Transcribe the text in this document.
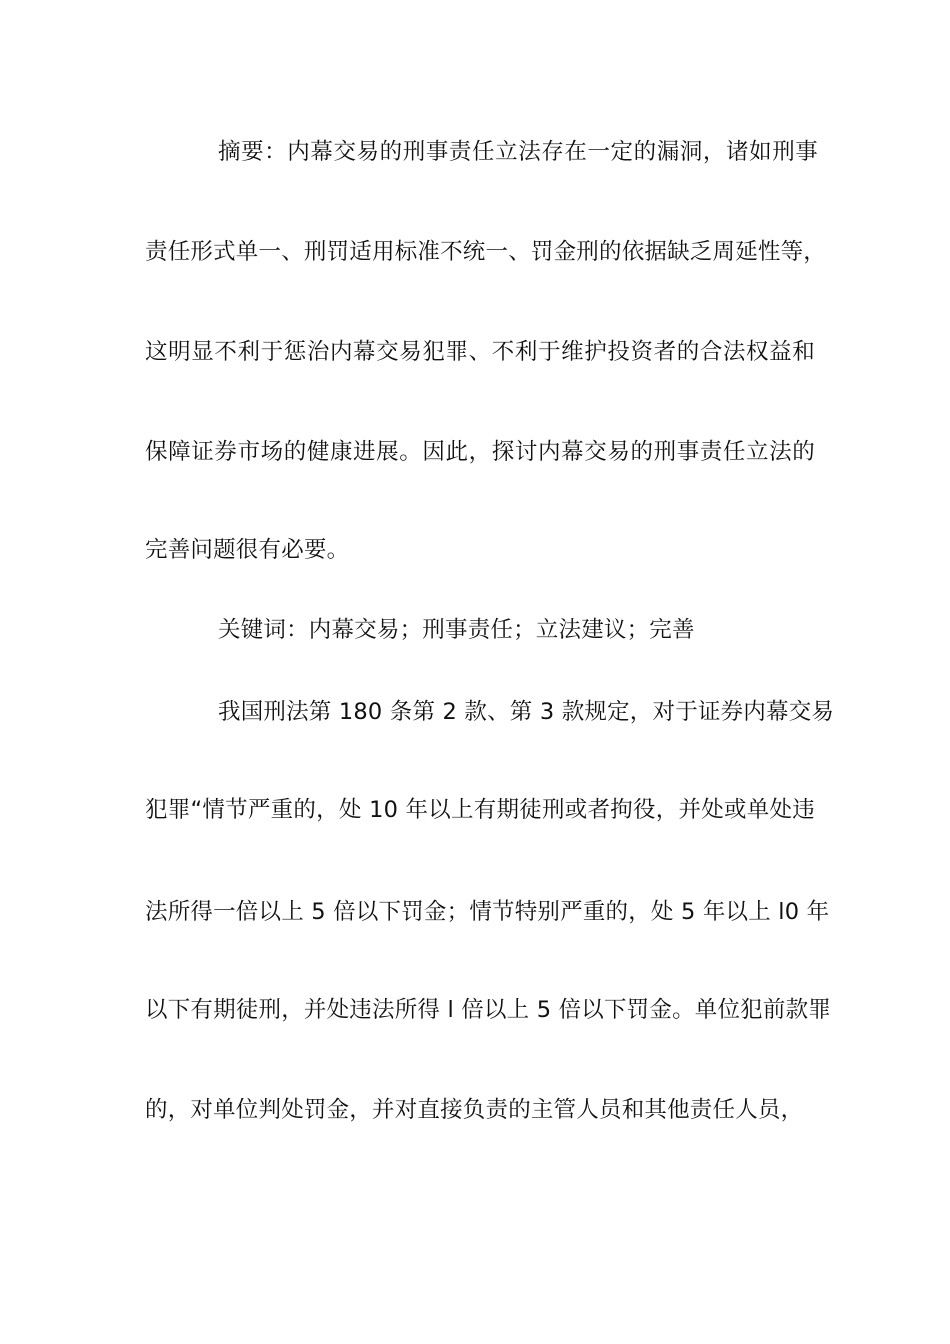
摘要：内幕交易的刑事责任立法存在一定的漏洞，诸如刑事
责任形式单一、刑罚适用标准不统一、罚金刑的依据缺乏周延性等，
这明显不利于惩治内幕交易犯罪、不利于维护投资者的合法权益和
保障证券市场的健康进展。因此，探讨内幕交易的刑事责任立法的
完善问题很有必要。
关键词：内幕交易；刑事责任；立法建议；完善
我国刑法第 180 条第 2 款、第 3 款规定，对于证券内幕交易
犯罪“情节严重的，处 10 年以上有期徒刑或者拘役，并处或单处违
法所得一倍以上 5 倍以下罚金；情节特别严重的，处 5 年以上 l0 年
以下有期徒刑，并处违法所得 l 倍以上 5 倍以下罚金。单位犯前款罪
的，对单位判处罚金，并对直接负责的主管人员和其他责任人员，
